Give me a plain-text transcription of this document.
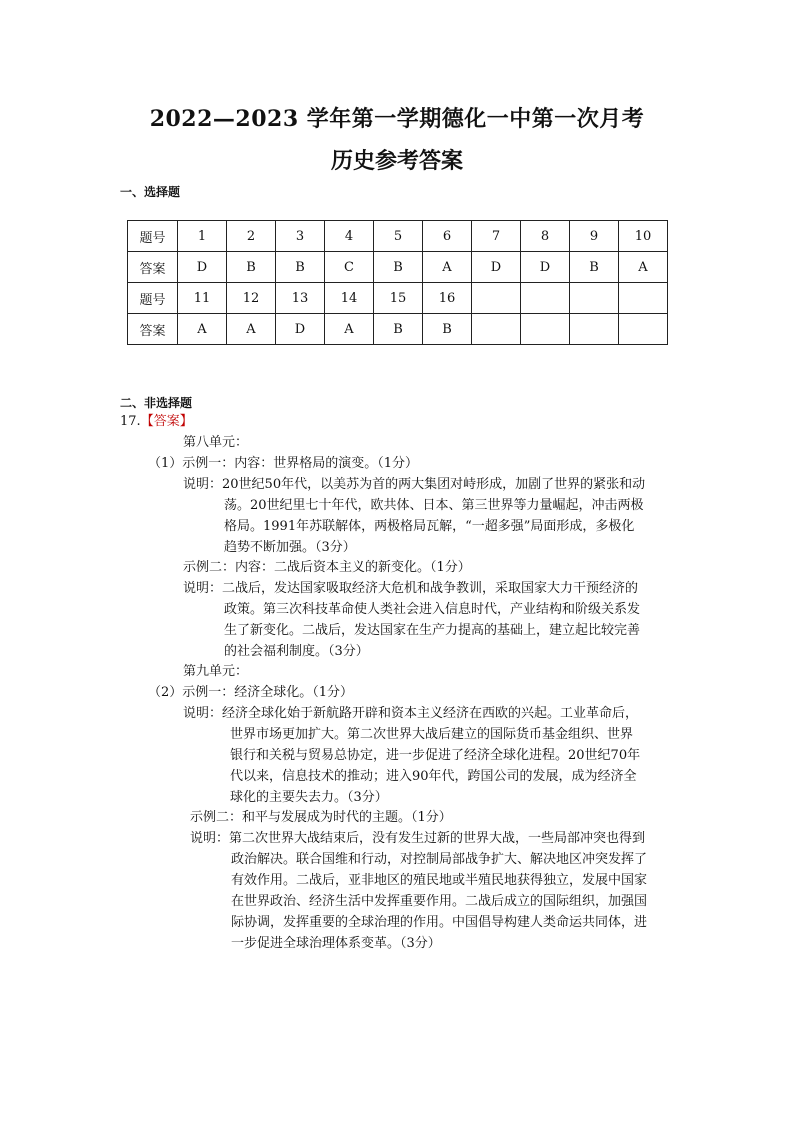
2022—2023 学年第一学期德化一中第一次月考
历史参考答案
一、选择题
题号	1	2	3	4	5	6	7	8	9	10
答案	D	B	B	C	B	A	D	D	B	A
题号	11	12	13	14	15	16				
答案	A	A	D	A	B	B				
二、非选择题
17.【答案】
第八单元：
（1）示例一：内容：世界格局的演变。（1分）
说明：20世纪50年代，以美苏为首的两大集团对峙形成，加剧了世界的紧张和动
荡。20世纪里七十年代，欧共体、日本、第三世界等力量崛起，冲击两极
格局。1991年苏联解体，两极格局瓦解，“一超多强”局面形成，多极化
趋势不断加强。（3分）
示例二：内容：二战后资本主义的新变化。（1分）
说明：二战后，发达国家吸取经济大危机和战争教训，采取国家大力干预经济的
政策。第三次科技革命使人类社会进入信息时代，产业结构和阶级关系发
生了新变化。二战后，发达国家在生产力提高的基础上，建立起比较完善
的社会福利制度。（3分）
第九单元：
（2）示例一：经济全球化。（1分）
说明：经济全球化始于新航路开辟和资本主义经济在西欧的兴起。工业革命后，
世界市场更加扩大。第二次世界大战后建立的国际货币基金组织、世界
银行和关税与贸易总协定，进一步促进了经济全球化进程。20世纪70年
代以来，信息技术的推动；进入90年代，跨国公司的发展，成为经济全
球化的主要失去力。（3分）
示例二：和平与发展成为时代的主题。（1分）
说明：第二次世界大战结束后，没有发生过新的世界大战，一些局部冲突也得到
政治解决。联合国维和行动，对控制局部战争扩大、解决地区冲突发挥了
有效作用。二战后，亚非地区的殖民地或半殖民地获得独立，发展中国家
在世界政治、经济生活中发挥重要作用。二战后成立的国际组织，加强国
际协调，发挥重要的全球治理的作用。中国倡导构建人类命运共同体，进
一步促进全球治理体系变革。（3分）
